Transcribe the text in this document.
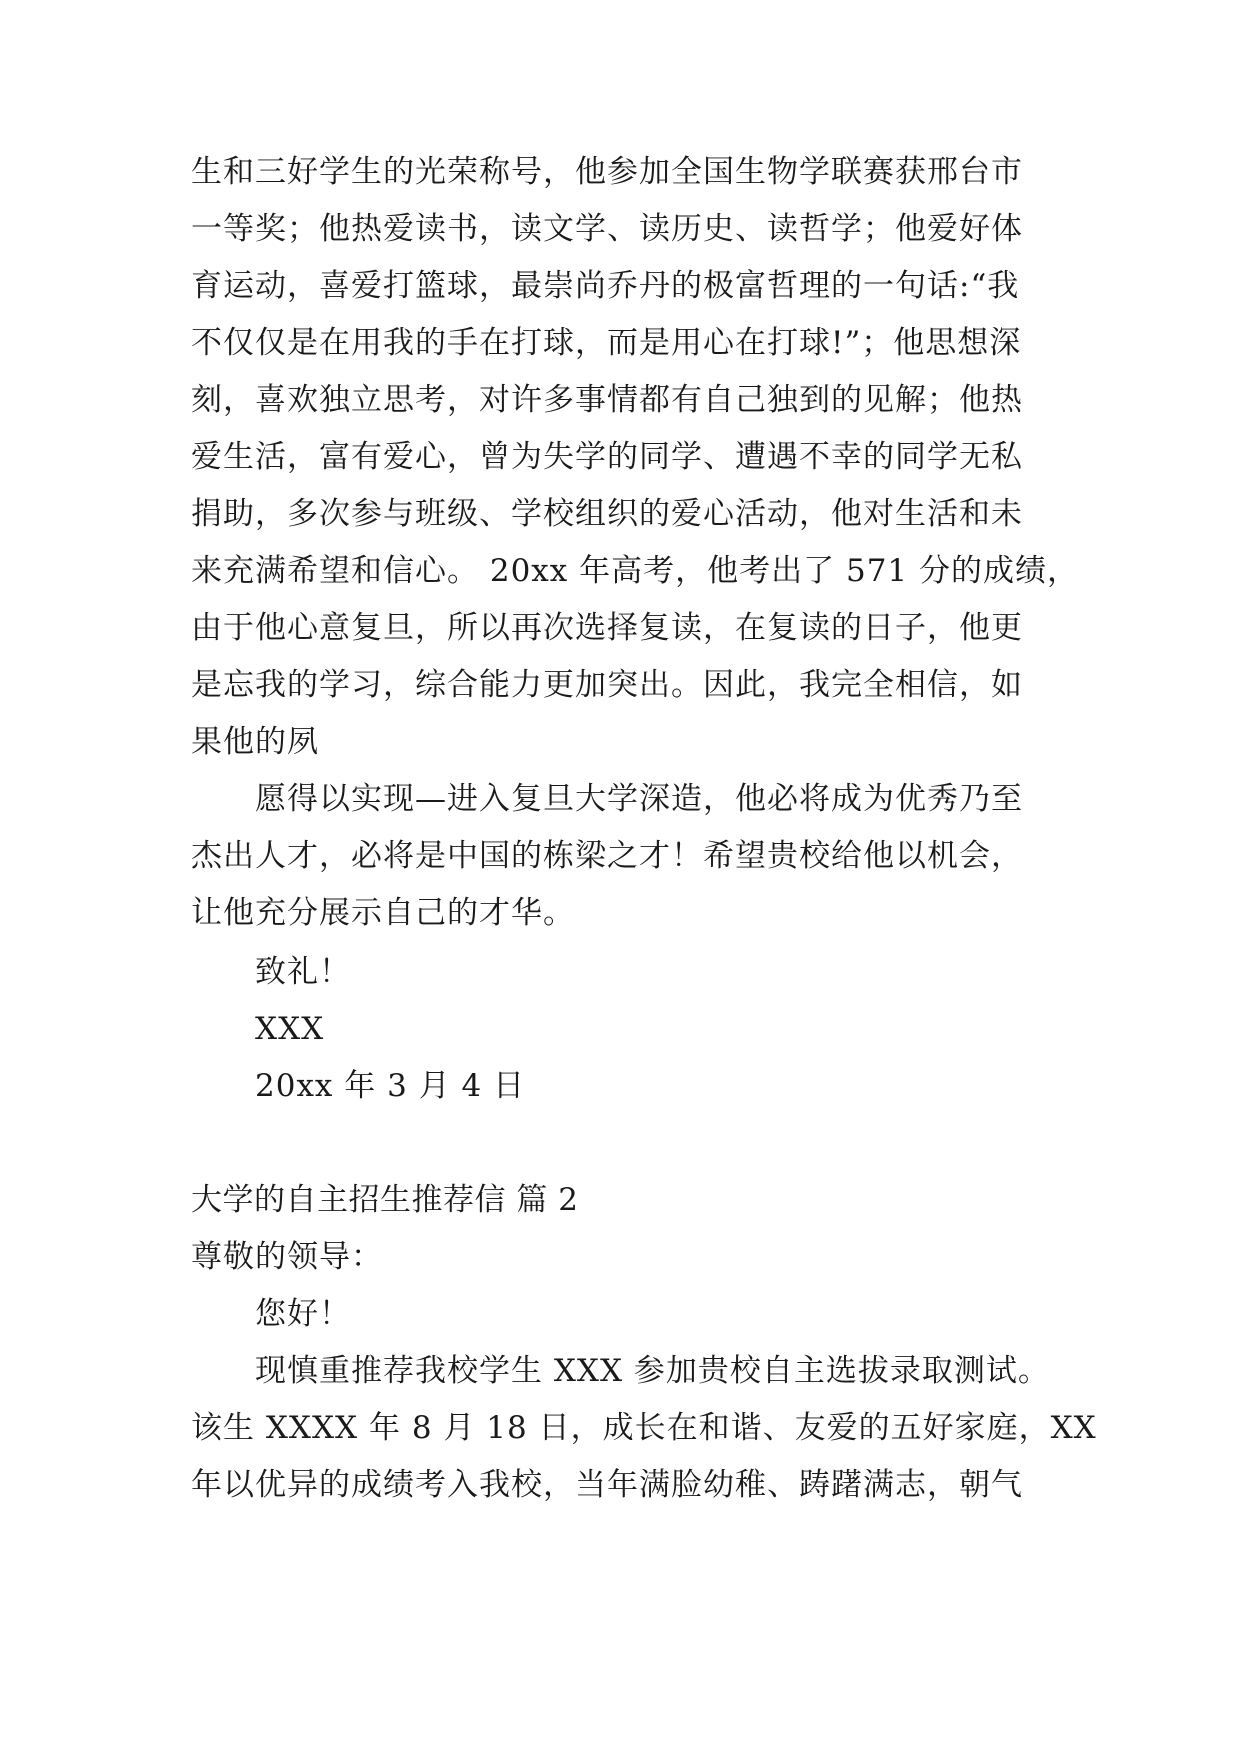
生和三好学生的光荣称号，他参加全国生物学联赛获邢台市
一等奖；他热爱读书，读文学、读历史、读哲学；他爱好体
育运动，喜爱打篮球，最崇尚乔丹的极富哲理的一句话:“我
不仅仅是在用我的手在打球，而是用心在打球!”；他思想深
刻，喜欢独立思考，对许多事情都有自己独到的见解；他热
爱生活，富有爱心，曾为失学的同学、遭遇不幸的同学无私
捐助，多次参与班级、学校组织的爱心活动，他对生活和未
来充满希望和信心。 20xx 年高考，他考出了 571 分的成绩，
由于他心意复旦，所以再次选择复读，在复读的日子，他更
是忘我的学习，综合能力更加突出。因此，我完全相信，如
果他的夙
愿得以实现—进入复旦大学深造，他必将成为优秀乃至
杰出人才，必将是中国的栋梁之才！希望贵校给他以机会，
让他充分展示自己的才华。
致礼！
XXX
20xx 年 3 月 4 日
大学的自主招生推荐信 篇 2
尊敬的领导：
您好！
现慎重推荐我校学生 XXX 参加贵校自主选拔录取测试。
该生 XXXX 年 8 月 18 日，成长在和谐、友爱的五好家庭，XX
年以优异的成绩考入我校，当年满脸幼稚、踌躇满志，朝气
